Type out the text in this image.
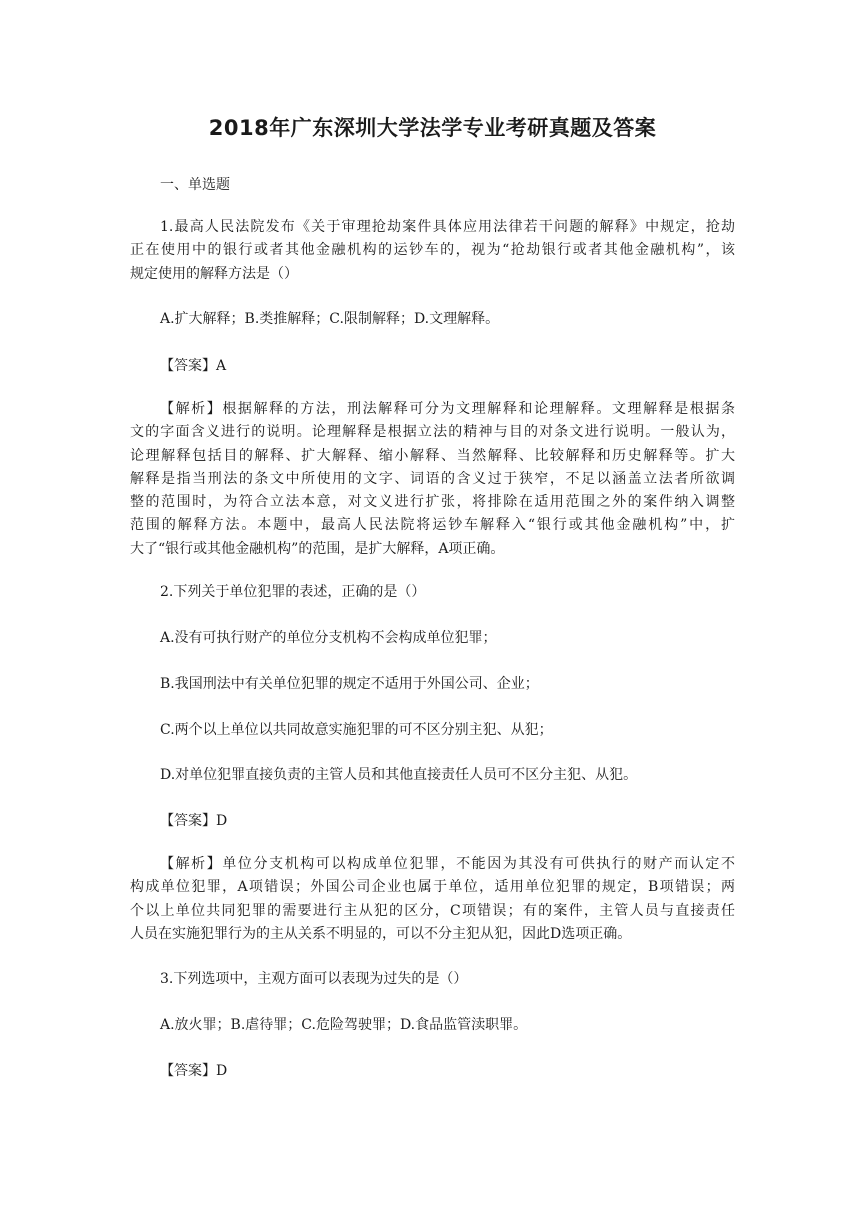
2018年广东深圳大学法学专业考研真题及答案
一、单选题
1.最高人民法院发布《关于审理抢劫案件具体应用法律若干问题的解释》中规定，抢劫
正在使用中的银行或者其他金融机构的运钞车的，视为“抢劫银行或者其他金融机构”，该
规定使用的解释方法是（）
A.扩大解释；B.类推解释；C.限制解释；D.文理解释。
【答案】A
【解析】根据解释的方法，刑法解释可分为文理解释和论理解释。文理解释是根据条
文的字面含义进行的说明。论理解释是根据立法的精神与目的对条文进行说明。一般认为，
论理解释包括目的解释、扩大解释、缩小解释、当然解释、比较解释和历史解释等。扩大
解释是指当刑法的条文中所使用的文字、词语的含义过于狭窄，不足以涵盖立法者所欲调
整的范围时，为符合立法本意，对文义进行扩张，将排除在适用范围之外的案件纳入调整
范围的解释方法。本题中，最高人民法院将运钞车解释入“银行或其他金融机构”中，扩
大了“银行或其他金融机构”的范围，是扩大解释，A项正确。
2.下列关于单位犯罪的表述，正确的是（）
A.没有可执行财产的单位分支机构不会构成单位犯罪；
B.我国刑法中有关单位犯罪的规定不适用于外国公司、企业；
C.两个以上单位以共同故意实施犯罪的可不区分别主犯、从犯；
D.对单位犯罪直接负责的主管人员和其他直接责任人员可不区分主犯、从犯。
【答案】D
【解析】单位分支机构可以构成单位犯罪，不能因为其没有可供执行的财产而认定不
构成单位犯罪，A项错误；外国公司企业也属于单位，适用单位犯罪的规定，B项错误；两
个以上单位共同犯罪的需要进行主从犯的区分，C项错误；有的案件，主管人员与直接责任
人员在实施犯罪行为的主从关系不明显的，可以不分主犯从犯，因此D选项正确。
3.下列选项中，主观方面可以表现为过失的是（）
A.放火罪；B.虐待罪；C.危险驾驶罪；D.食品监管渎职罪。
【答案】D
